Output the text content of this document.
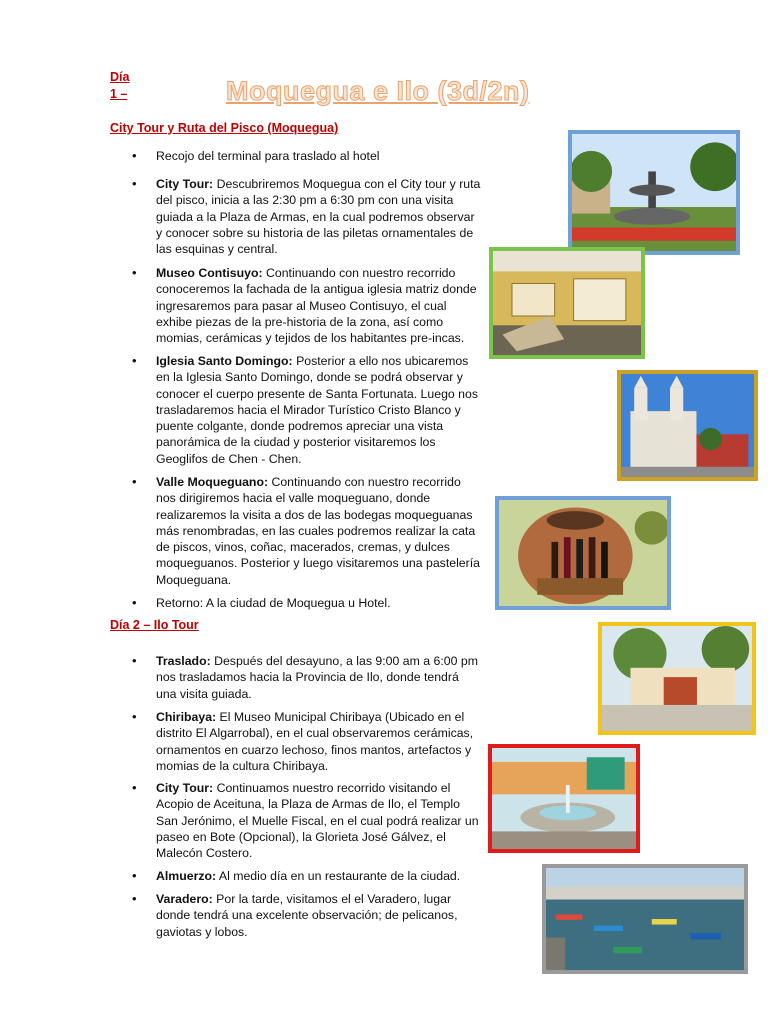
Día
1 –	Moquegua e Ilo (3d/2n)
City Tour y Ruta del Pisco (Moquegua)
• Recojo del terminal para traslado al hotel
• City Tour: Descubriremos Moquegua con el City tour y ruta del pisco, inicia a las 2:30 pm a 6:30 pm con una visita guiada a la Plaza de Armas, en la cual podremos observar y conocer sobre su historia de las piletas ornamentales de las esquinas y central.
• Museo Contisuyo: Continuando con nuestro recorrido conoceremos la fachada de la antigua iglesia matriz donde ingresaremos para pasar al Museo Contisuyo, el cual exhibe piezas de la pre-historia de la zona, así como momias, cerámicas y tejidos de los habitantes pre-incas.
• Iglesia Santo Domingo: Posterior a ello nos ubicaremos en la Iglesia Santo Domingo, donde se podrá observar y conocer el cuerpo presente de Santa Fortunata. Luego nos trasladaremos hacia el Mirador Turístico Cristo Blanco y puente colgante, donde podremos apreciar una vista panorámica de la ciudad y posterior visitaremos los Geoglifos de Chen - Chen.
• Valle Moqueguano: Continuando con nuestro recorrido nos dirigiremos hacia el valle moqueguano, donde realizaremos la visita a dos de las bodegas moqueguanas más renombradas, en las cuales podremos realizar la cata de piscos, vinos, coñac, macerados, cremas, y dulces moqueguanos. Posterior y luego visitaremos una pastelería Moqueguana.
• Retorno: A la ciudad de Moquegua u Hotel.
Día 2 – Ilo Tour
• Traslado: Después del desayuno, a las 9:00 am a 6:00 pm nos trasladamos hacia la Provincia de Ilo, donde tendrá una visita guiada.
• Chiribaya: El Museo Municipal Chiribaya (Ubicado en el distrito El Algarrobal), en el cual observaremos cerámicas, ornamentos en cuarzo lechoso, finos mantos, artefactos y momias de la cultura Chiribaya.
• City Tour: Continuamos nuestro recorrido visitando el Acopio de Aceituna, la Plaza de Armas de Ilo, el Templo San Jerónimo, el Muelle Fiscal, en el cual podrá realizar un paseo en Bote (Opcional), la Glorieta José Gálvez, el Malecón Costero.
• Almuerzo: Al medio día en un restaurante de la ciudad.
• Varadero: Por la tarde, visitamos el el Varadero, lugar donde tendrá una excelente observación; de pelicanos, gaviotas y lobos.
